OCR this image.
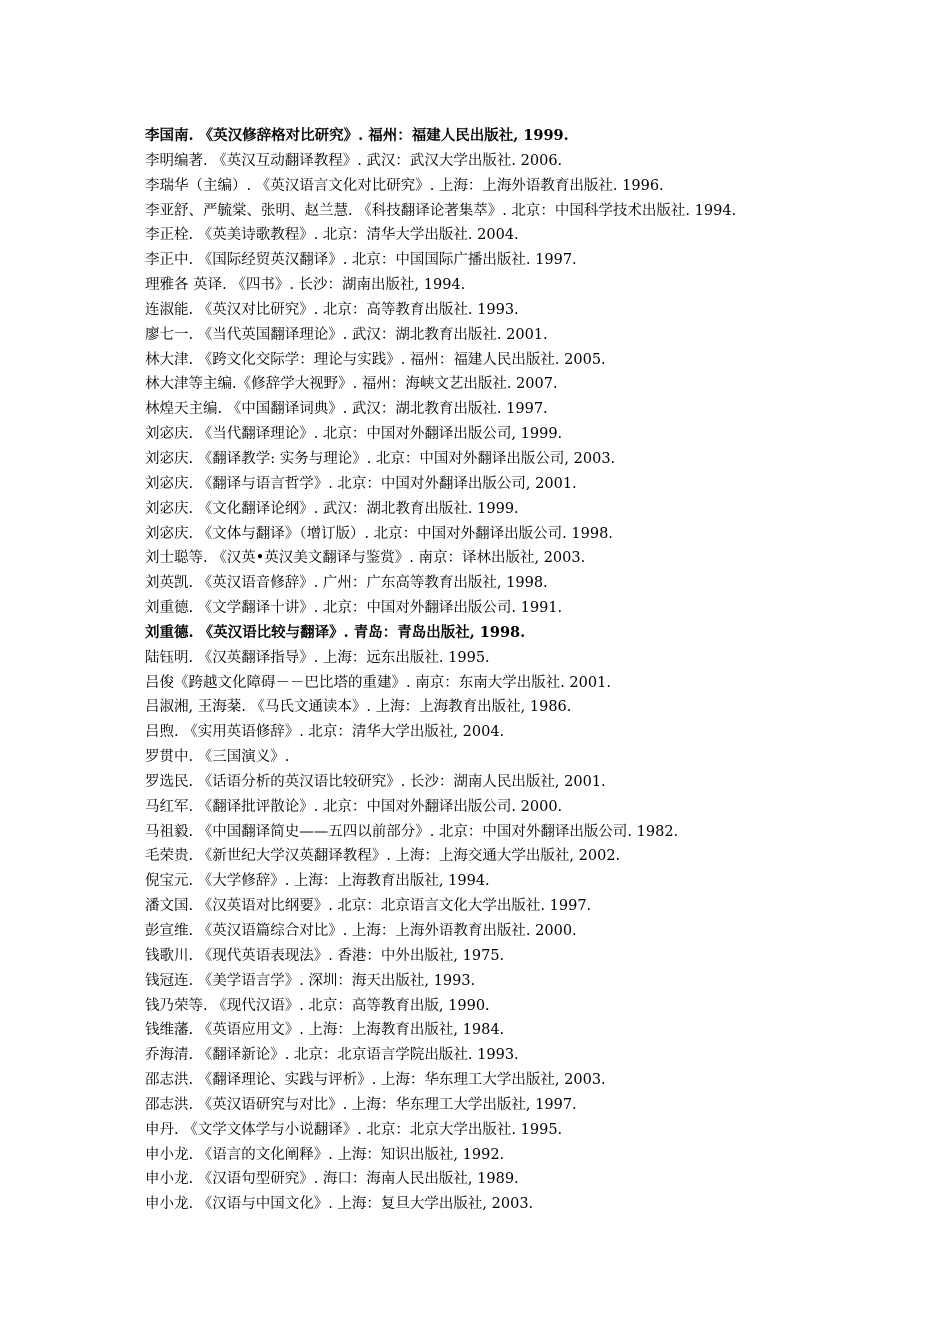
李国南. 《英汉修辞格对比研究》. 福州：福建人民出版社, 1999.
李明编著. 《英汉互动翻译教程》. 武汉：武汉大学出版社. 2006.
李瑞华（主编）. 《英汉语言文化对比研究》. 上海：上海外语教育出版社. 1996.
李亚舒、严毓棠、张明、赵兰慧. 《科技翻译论著集萃》. 北京：中国科学技术出版社. 1994.
李正栓. 《英美诗歌教程》. 北京：清华大学出版社. 2004.
李正中. 《国际经贸英汉翻译》. 北京：中国国际广播出版社. 1997.
理雅各 英译. 《四书》. 长沙：湖南出版社, 1994.
连淑能. 《英汉对比研究》. 北京：高等教育出版社. 1993.
廖七一. 《当代英国翻译理论》. 武汉：湖北教育出版社. 2001.
林大津. 《跨文化交际学：理论与实践》. 福州：福建人民出版社. 2005.
林大津等主编.《修辞学大视野》. 福州：海峡文艺出版社. 2007.
林煌天主编. 《中国翻译词典》. 武汉：湖北教育出版社. 1997.
刘宓庆. 《当代翻译理论》. 北京：中国对外翻译出版公司, 1999.
刘宓庆. 《翻译教学: 实务与理论》. 北京：中国对外翻译出版公司, 2003.
刘宓庆. 《翻译与语言哲学》. 北京：中国对外翻译出版公司, 2001.
刘宓庆. 《文化翻译论纲》. 武汉：湖北教育出版社. 1999.
刘宓庆. 《文体与翻译》（增订版）. 北京：中国对外翻译出版公司. 1998.
刘士聪等. 《汉英•英汉美文翻译与鉴赏》. 南京：译林出版社, 2003.
刘英凯. 《英汉语音修辞》. 广州：广东高等教育出版社, 1998.
刘重德. 《文学翻译十讲》. 北京：中国对外翻译出版公司. 1991.
刘重德. 《英汉语比较与翻译》. 青岛：青岛出版社, 1998.
陆钰明. 《汉英翻译指导》. 上海：远东出版社. 1995.
吕俊《跨越文化障碍－－巴比塔的重建》. 南京：东南大学出版社. 2001.
吕淑湘, 王海棻. 《马氏文通读本》. 上海：上海教育出版社, 1986.
吕煦. 《实用英语修辞》. 北京：清华大学出版社, 2004.
罗贯中. 《三国演义》.
罗选民. 《话语分析的英汉语比较研究》. 长沙：湖南人民出版社, 2001.
马红军. 《翻译批评散论》. 北京：中国对外翻译出版公司. 2000.
马祖毅. 《中国翻译简史——五四以前部分》. 北京：中国对外翻译出版公司. 1982.
毛荣贵. 《新世纪大学汉英翻译教程》. 上海：上海交通大学出版社, 2002.
倪宝元. 《大学修辞》. 上海：上海教育出版社, 1994.
潘文国. 《汉英语对比纲要》. 北京：北京语言文化大学出版社. 1997.
彭宣维. 《英汉语篇综合对比》. 上海：上海外语教育出版社. 2000.
钱歌川. 《现代英语表现法》. 香港：中外出版社, 1975.
钱冠连. 《美学语言学》. 深圳：海天出版社, 1993.
钱乃荣等. 《现代汉语》. 北京：高等教育出版, 1990.
钱维藩. 《英语应用文》. 上海：上海教育出版社, 1984.
乔海清. 《翻译新论》. 北京：北京语言学院出版社. 1993.
邵志洪. 《翻译理论、实践与评析》. 上海：华东理工大学出版社, 2003.
邵志洪. 《英汉语研究与对比》. 上海：华东理工大学出版社, 1997.
申丹. 《文学文体学与小说翻译》. 北京：北京大学出版社. 1995.
申小龙. 《语言的文化阐释》. 上海：知识出版社, 1992.
申小龙. 《汉语句型研究》. 海口：海南人民出版社, 1989.
申小龙. 《汉语与中国文化》. 上海：复旦大学出版社, 2003.
